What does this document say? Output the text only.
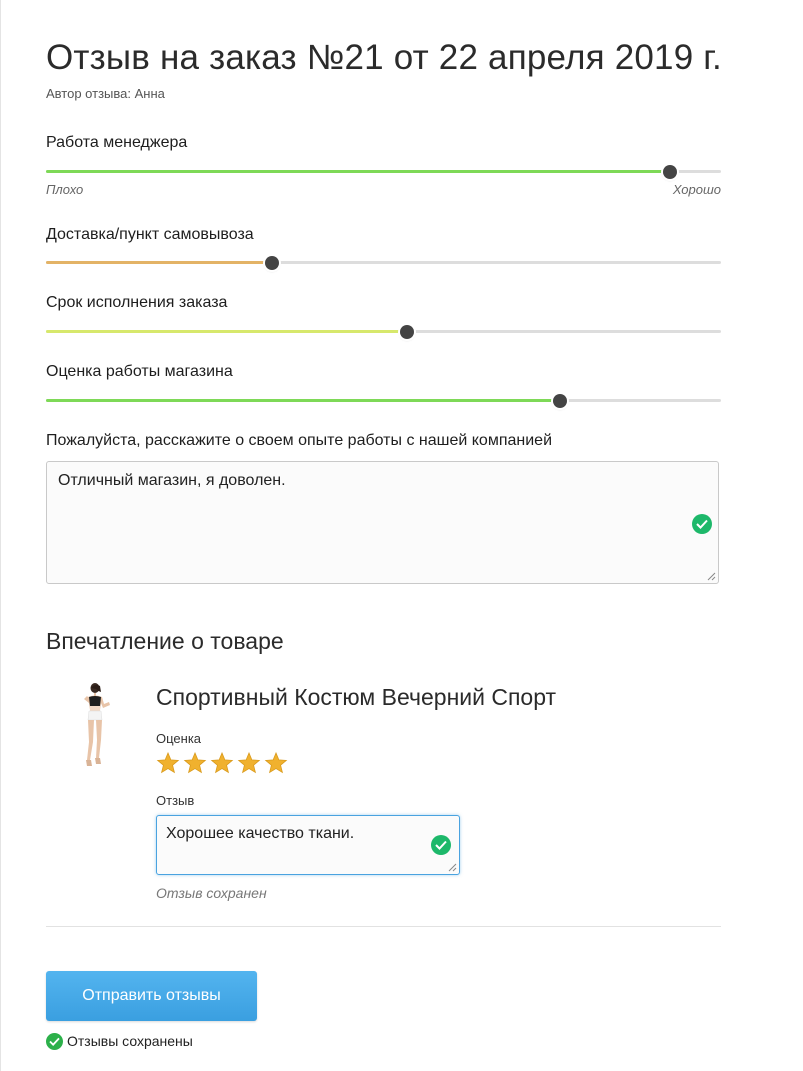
Отзыв на заказ №21 от 22 апреля 2019 г.
Автор отзыва: Анна
Работа менеджера
Плохо	Хорошо
Доставка/пункт самовывоза
Срок исполнения заказа
Оценка работы магазина
Пожалуйста, расскажите о своем опыте работы с нашей компанией
Отличный магазин, я доволен.
Впечатление о товаре
Спортивный Костюм Вечерний Спорт
Оценка
Отзыв
Хорошее качество ткани.
Отзыв сохранен
Отправить отзывы
Отзывы сохранены
